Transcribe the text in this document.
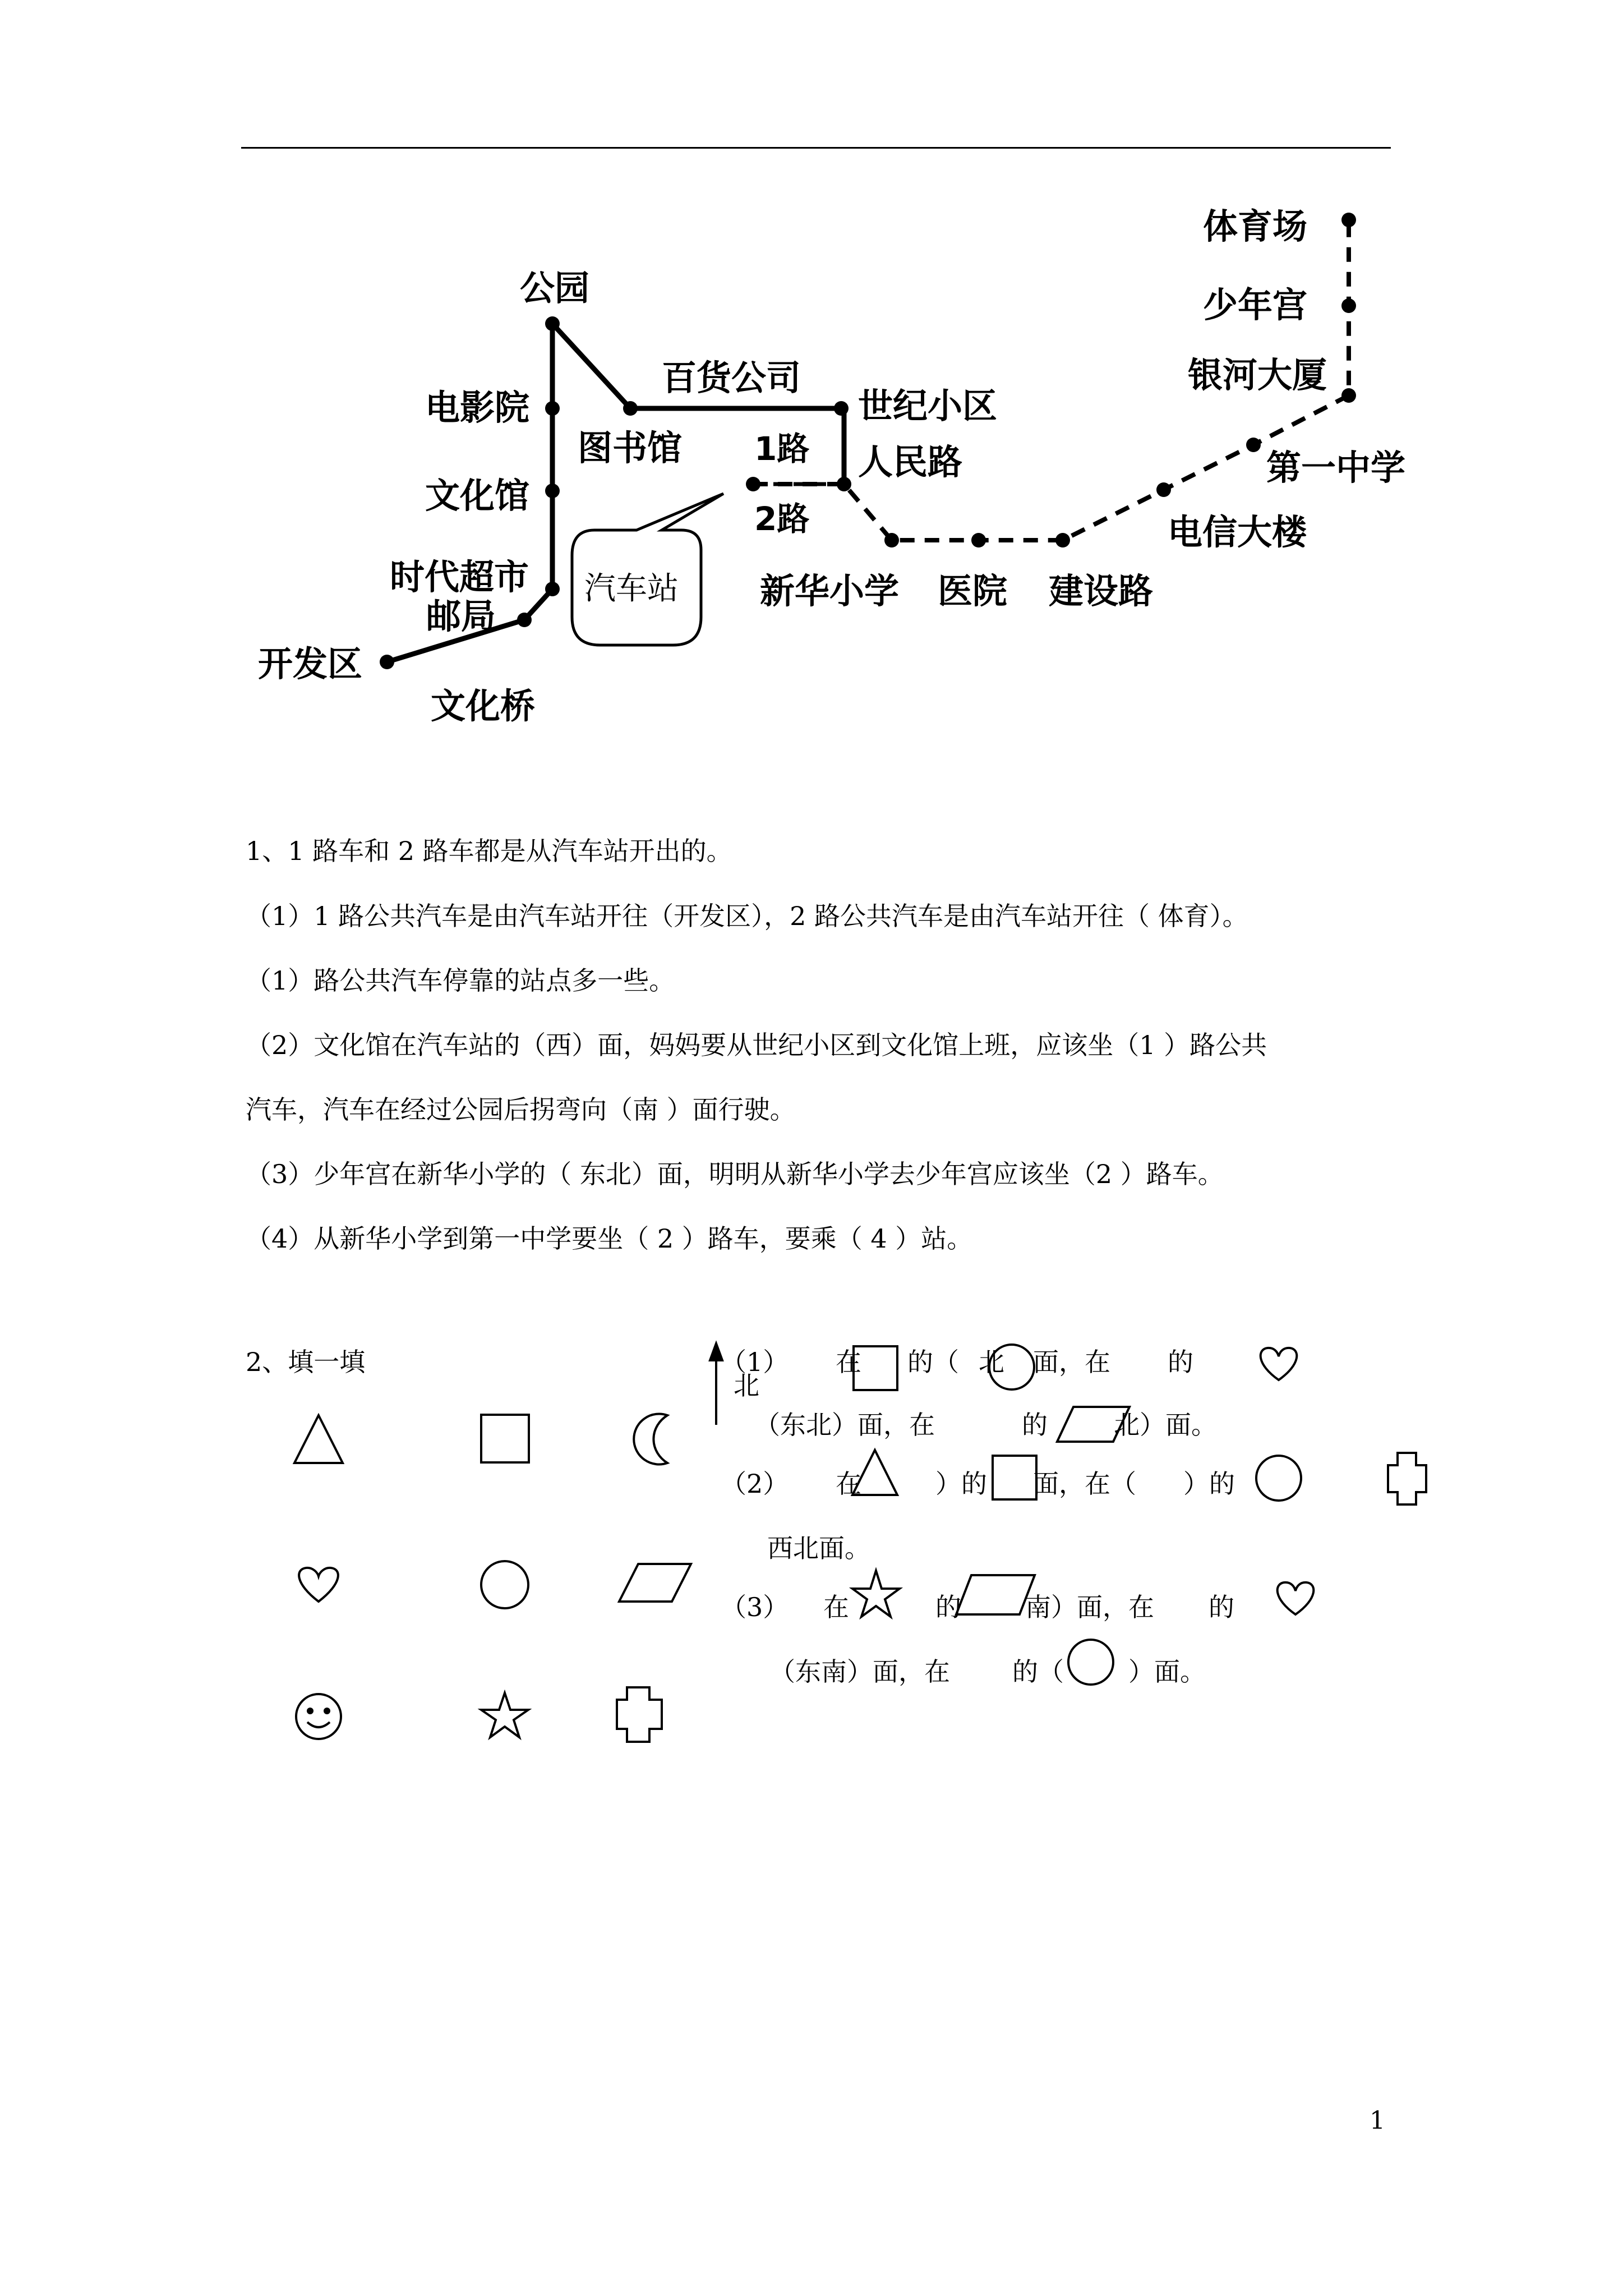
汽车站
公园
电影院
文化馆
时代超市
邮局
开发区
文化桥
图书馆
百货公司
世纪小区
人民路
1路
2路
新华小学 医院 建设路
电信大楼
第一中学
银河大厦
少年宫
体育场
1、1 路车和 2 路车都是从汽车站开出的。
（1）1 路公共汽车是由汽车站开往（开发区），2 路公共汽车是由汽车站开往（ 体育）。
（1）路公共汽车停靠的站点多一些。
（2）文化馆在汽车站的（西）面，妈妈要从世纪小区到文化馆上班，应该坐（1 ）路公共
汽车，汽车在经过公园后拐弯向（南 ）面行驶。
（3）少年宫在新华小学的（ 东北）面，明明从新华小学去少年宫应该坐（2 ）路车。
（4）从新华小学到第一中学要坐（ 2 ）路车，要乘（ 4 ）站。
2、填一填
北
（1） 在 的（ 北 面，在 的
（东北）面，在	的	北 ）面。
（2） 在	）的 面，在（ ）的
西北面。
（3） 在	的 南）面，在 的
（东南）面，在 的（	）面。
1
